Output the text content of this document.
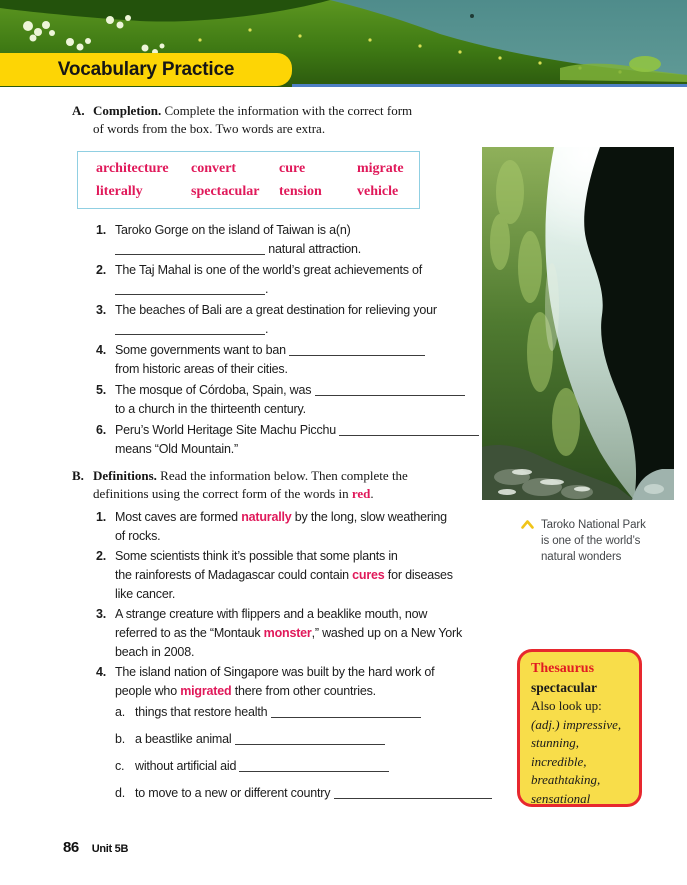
Vocabulary Practice
A. Completion. Complete the information with the correct form
of words from the box. Two words are extra.
architecture	convert	cure	migrate
literally	spectacular	tension	vehicle
1. Taroko Gorge on the island of Taiwan is a(n)
natural attraction.
2. The Taj Mahal is one of the world’s great achievements of
.
3. The beaches of Bali are a great destination for relieving your
.
4. Some governments want to ban
from historic areas of their cities.
5. The mosque of Córdoba, Spain, was
to a church in the thirteenth century.
6. Peru’s World Heritage Site Machu Picchu
means “Old Mountain.”
B. Definitions. Read the information below. Then complete the
definitions using the correct form of the words in red.
1. Most caves are formed naturally by the long, slow weathering
of rocks.
2. Some scientists think it’s possible that some plants in
the rainforests of Madagascar could contain cures for diseases
like cancer.
3. A strange creature with flippers and a beaklike mouth, now
referred to as the “Montauk monster,” washed up on a New York
beach in 2008.
4. The island nation of Singapore was built by the hard work of
people who migrated there from other countries.
a. things that restore health
b. a beastlike animal
c. without artificial aid
d. to move to a new or different country
Taroko National Park
is one of the world’s
natural wonders
Thesaurus
spectacular
Also look up:
(adj.) impressive,
stunning,
incredible,
breathtaking,
sensational
86 Unit 5B
